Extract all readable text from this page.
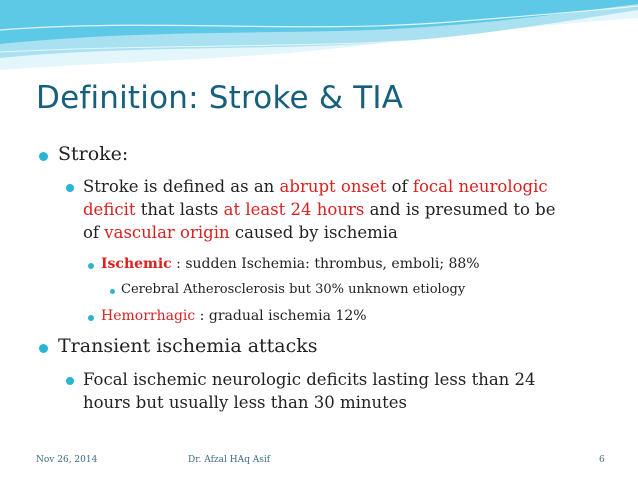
Definition: Stroke & TIA
Stroke:
Stroke is defined as an abrupt onset of focal neurologic
deficit that lasts at least 24 hours and is presumed to be
of vascular origin caused by ischemia
Ischemic : sudden Ischemia: thrombus, emboli; 88%
Cerebral Atherosclerosis but 30% unknown etiology
Hemorrhagic : gradual ischemia 12%
Transient ischemia attacks
Focal ischemic neurologic deficits lasting less than 24
hours but usually less than 30 minutes
Nov 26, 2014	Dr. Afzal HAq Asif	6
